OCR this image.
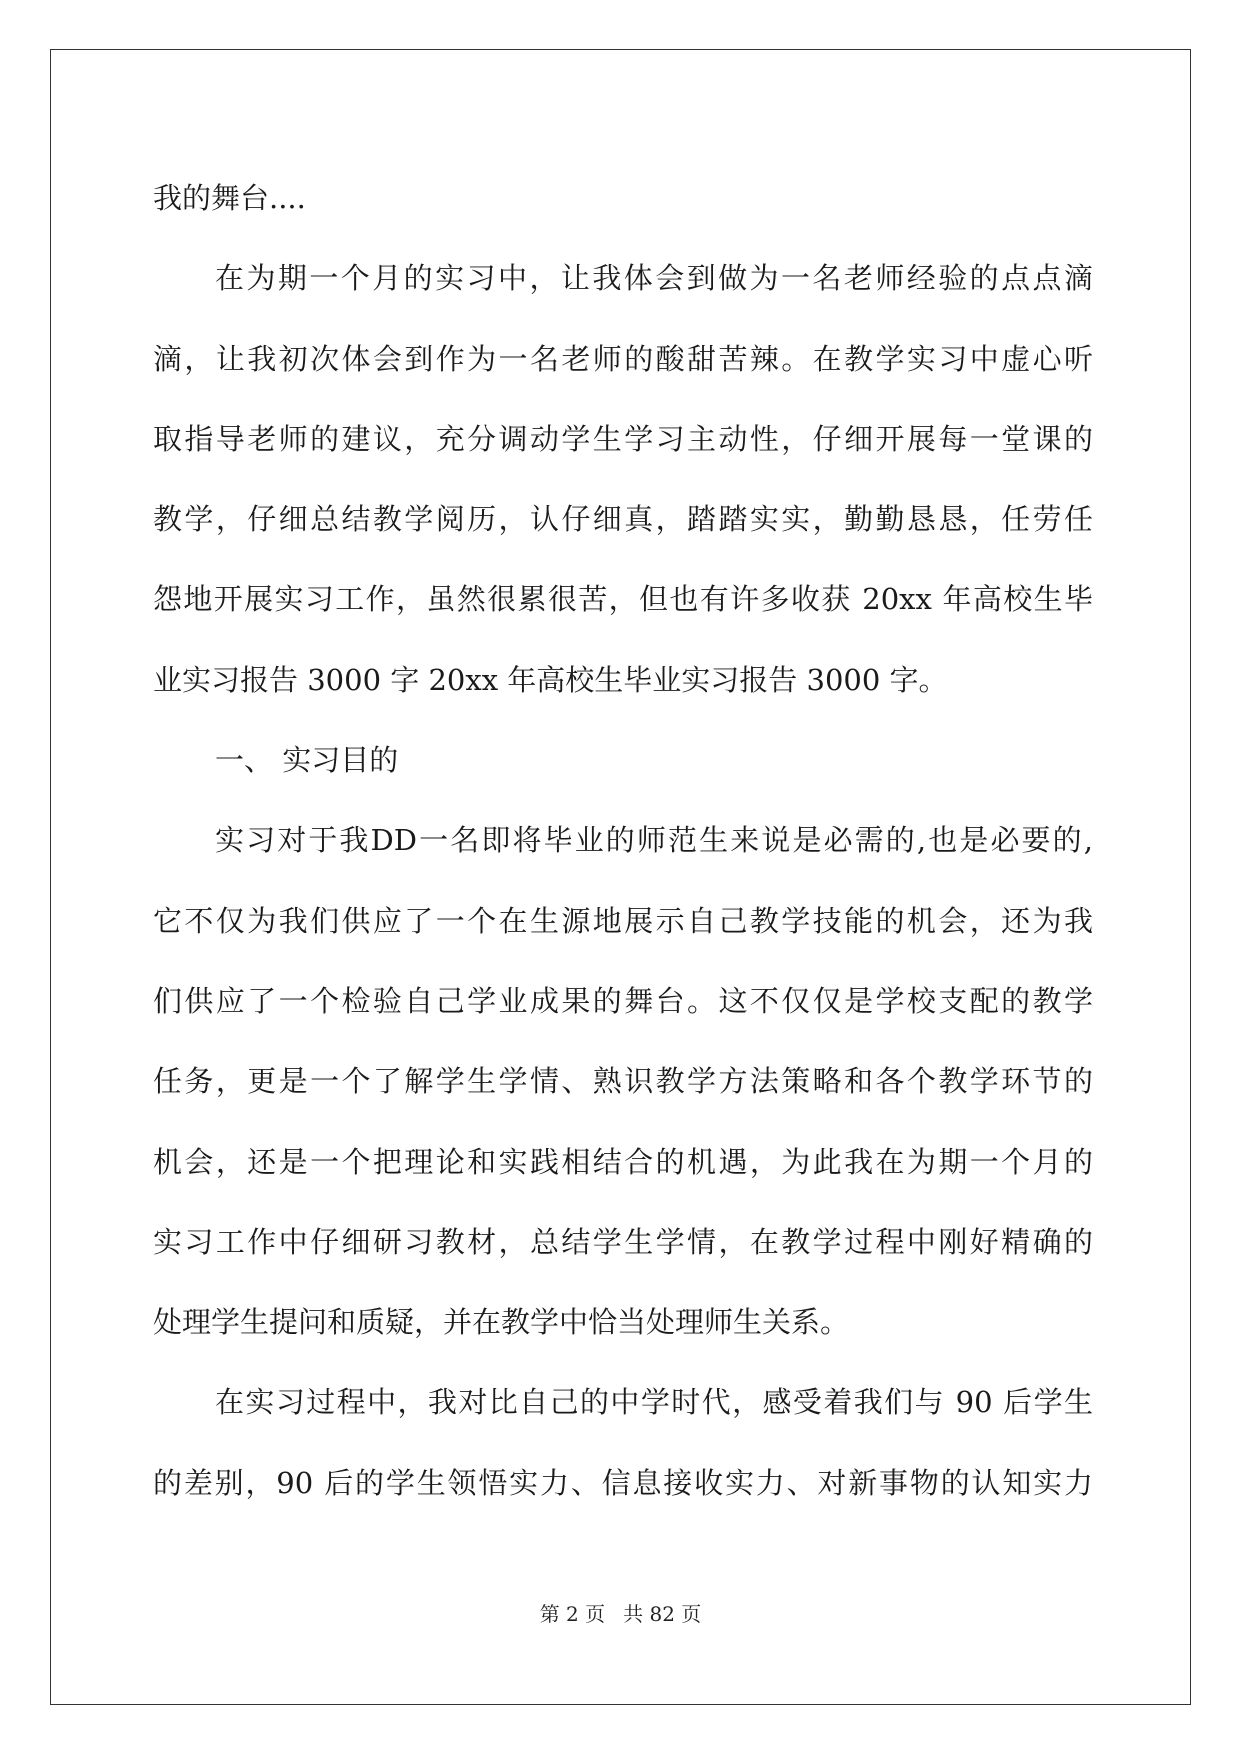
我的舞台....
在为期一个月的实习中，让我体会到做为一名老师经验的点点滴
滴，让我初次体会到作为一名老师的酸甜苦辣。在教学实习中虚心听
取指导老师的建议，充分调动学生学习主动性，仔细开展每一堂课的
教学，仔细总结教学阅历，认仔细真，踏踏实实，勤勤恳恳，任劳任
怨地开展实习工作，虽然很累很苦，但也有许多收获 20xx 年高校生毕
业实习报告 3000 字 20xx 年高校生毕业实习报告 3000 字。
一、 实习目的
实习对于我DD一名即将毕业的师范生来说是必需的,也是必要的,
它不仅为我们供应了一个在生源地展示自己教学技能的机会，还为我
们供应了一个检验自己学业成果的舞台。这不仅仅是学校支配的教学
任务，更是一个了解学生学情、熟识教学方法策略和各个教学环节的
机会，还是一个把理论和实践相结合的机遇，为此我在为期一个月的
实习工作中仔细研习教材，总结学生学情，在教学过程中刚好精确的
处理学生提问和质疑，并在教学中恰当处理师生关系。
在实习过程中，我对比自己的中学时代，感受着我们与 90 后学生
的差别，90 后的学生领悟实力、信息接收实力、对新事物的认知实力
第 2 页 共 82 页
